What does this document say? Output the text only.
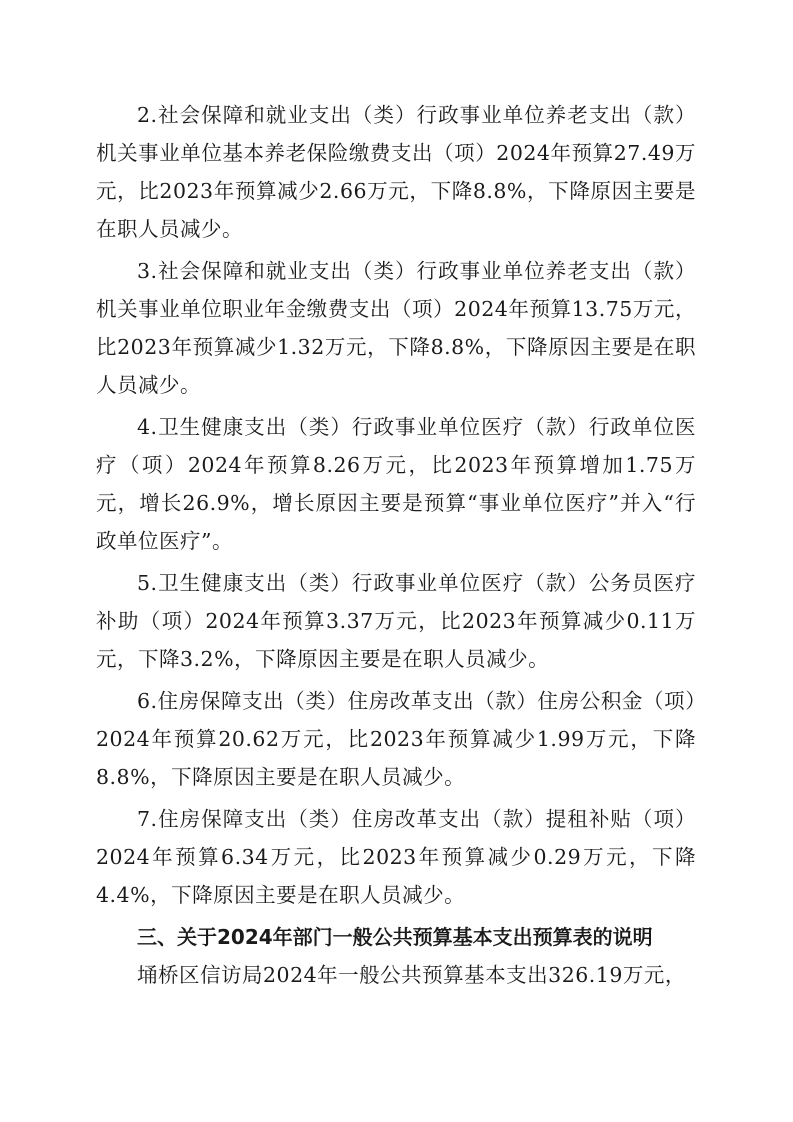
2.社会保障和就业支出（类）行政事业单位养老支出（款）机关事业单位基本养老保险缴费支出（项）2024年预算27.49万元，比2023年预算减少2.66万元，下降8.8%，下降原因主要是在职人员减少。

3.社会保障和就业支出（类）行政事业单位养老支出（款）机关事业单位职业年金缴费支出（项）2024年预算13.75万元，比2023年预算减少1.32万元，下降8.8%，下降原因主要是在职人员减少。

4.卫生健康支出（类）行政事业单位医疗（款）行政单位医疗（项）2024年预算8.26万元，比2023年预算增加1.75万元，增长26.9%，增长原因主要是预算“事业单位医疗”并入“行政单位医疗”。

5.卫生健康支出（类）行政事业单位医疗（款）公务员医疗补助（项）2024年预算3.37万元，比2023年预算减少0.11万元，下降3.2%，下降原因主要是在职人员减少。

6.住房保障支出（类）住房改革支出（款）住房公积金（项）2024年预算20.62万元，比2023年预算减少1.99万元，下降8.8%，下降原因主要是在职人员减少。

7.住房保障支出（类）住房改革支出（款）提租补贴（项）2024年预算6.34万元，比2023年预算减少0.29万元，下降4.4%，下降原因主要是在职人员减少。

三、关于2024年部门一般公共预算基本支出预算表的说明

埇桥区信访局2024年一般公共预算基本支出326.19万元，
